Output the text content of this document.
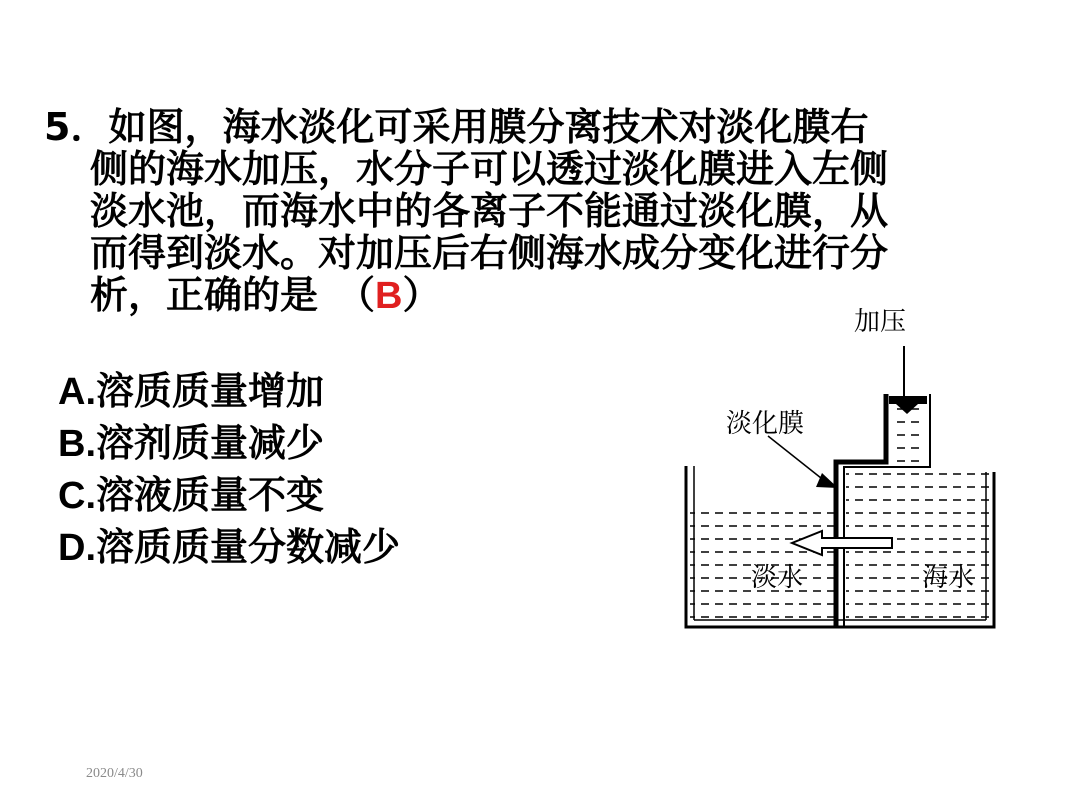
5．如图，海水淡化可采用膜分离技术对淡化膜右
侧的海水加压，水分子可以透过淡化膜进入左侧
淡水池，而海水中的各离子不能通过淡化膜，从
而得到淡水。对加压后右侧海水成分变化进行分
析，正确的是　（B）
A.溶质质量增加
B.溶剂质量减少
C.溶液质量不变
D.溶质质量分数减少
加压
淡化膜
淡水	海水
2020/4/30
